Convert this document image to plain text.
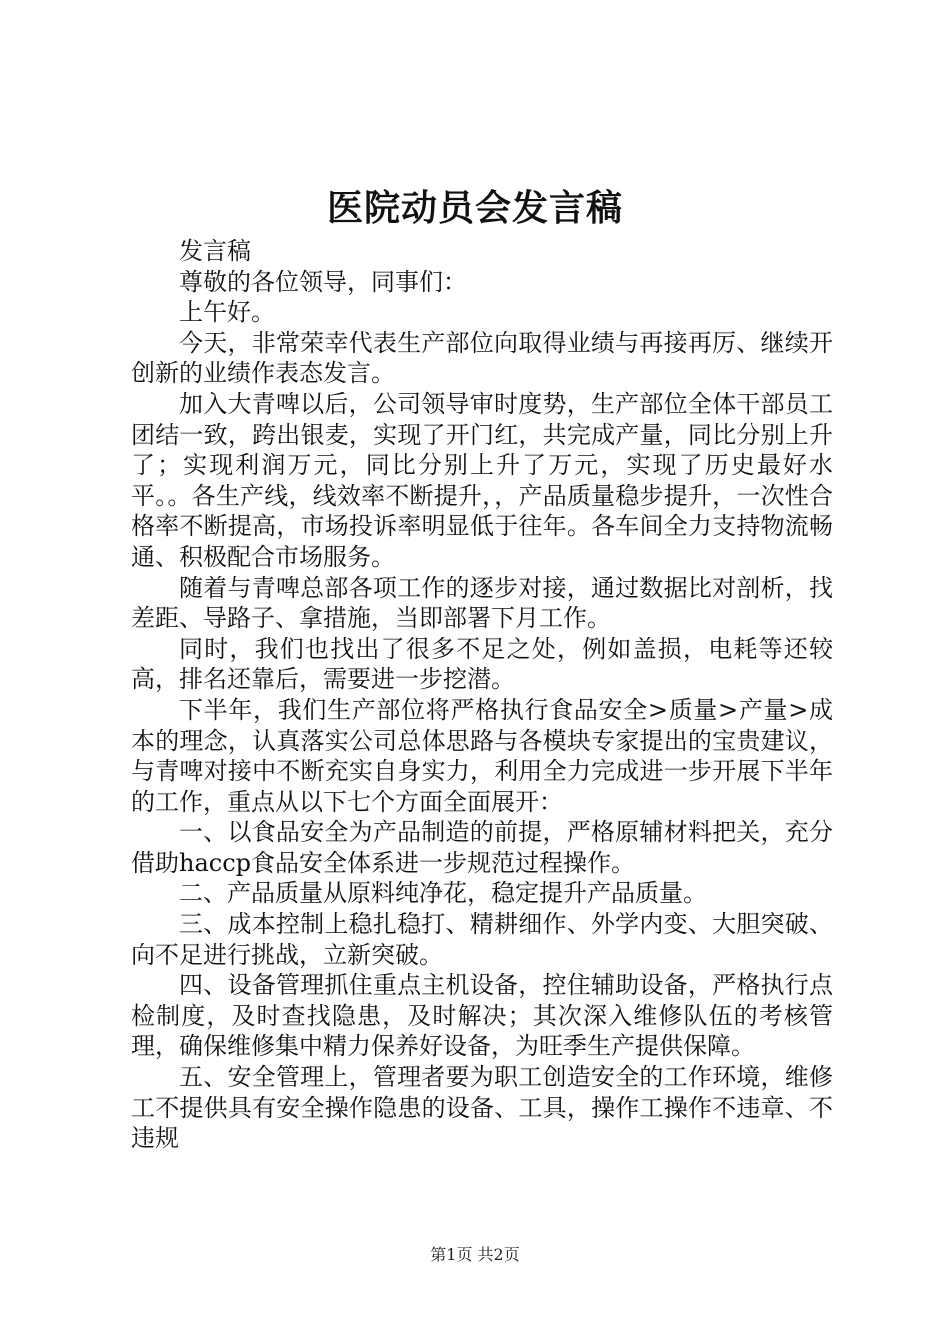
医院动员会发言稿

发言稿

尊敬的各位领导，同事们：

上午好。

今天，非常荣幸代表生产部位向取得业绩与再接再厉、继续开创新的业绩作表态发言。

加入大青啤以后，公司领导审时度势，生产部位全体干部员工团结一致，跨出银麦，实现了开门红，共完成产量，同比分别上升了；实现利润万元，同比分别上升了万元，实现了历史最好水平。。各生产线，线效率不断提升，，产品质量稳步提升，一次性合格率不断提高，市场投诉率明显低于往年。各车间全力支持物流畅通、积极配合市场服务。

随着与青啤总部各项工作的逐步对接，通过数据比对剖析，找差距、导路子、拿措施，当即部署下月工作。

同时，我们也找出了很多不足之处，例如盖损，电耗等还较高，排名还靠后，需要进一步挖潜。

下半年，我们生产部位将严格执行食品安全>质量>产量>成本的理念，认真落实公司总体思路与各模块专家提出的宝贵建议，与青啤对接中不断充实自身实力，利用全力完成进一步开展下半年的工作，重点从以下七个方面全面展开：

一、以食品安全为产品制造的前提，严格原辅材料把关，充分借助haccp食品安全体系进一步规范过程操作。

二、产品质量从原料纯净花，稳定提升产品质量。

三、成本控制上稳扎稳打、精耕细作、外学内变、大胆突破、向不足进行挑战，立新突破。

四、设备管理抓住重点主机设备，控住辅助设备，严格执行点检制度，及时查找隐患，及时解决；其次深入维修队伍的考核管理，确保维修集中精力保养好设备，为旺季生产提供保障。

五、安全管理上，管理者要为职工创造安全的工作环境，维修工不提供具有安全操作隐患的设备、工具，操作工操作不违章、不违规

第1页 共2页
